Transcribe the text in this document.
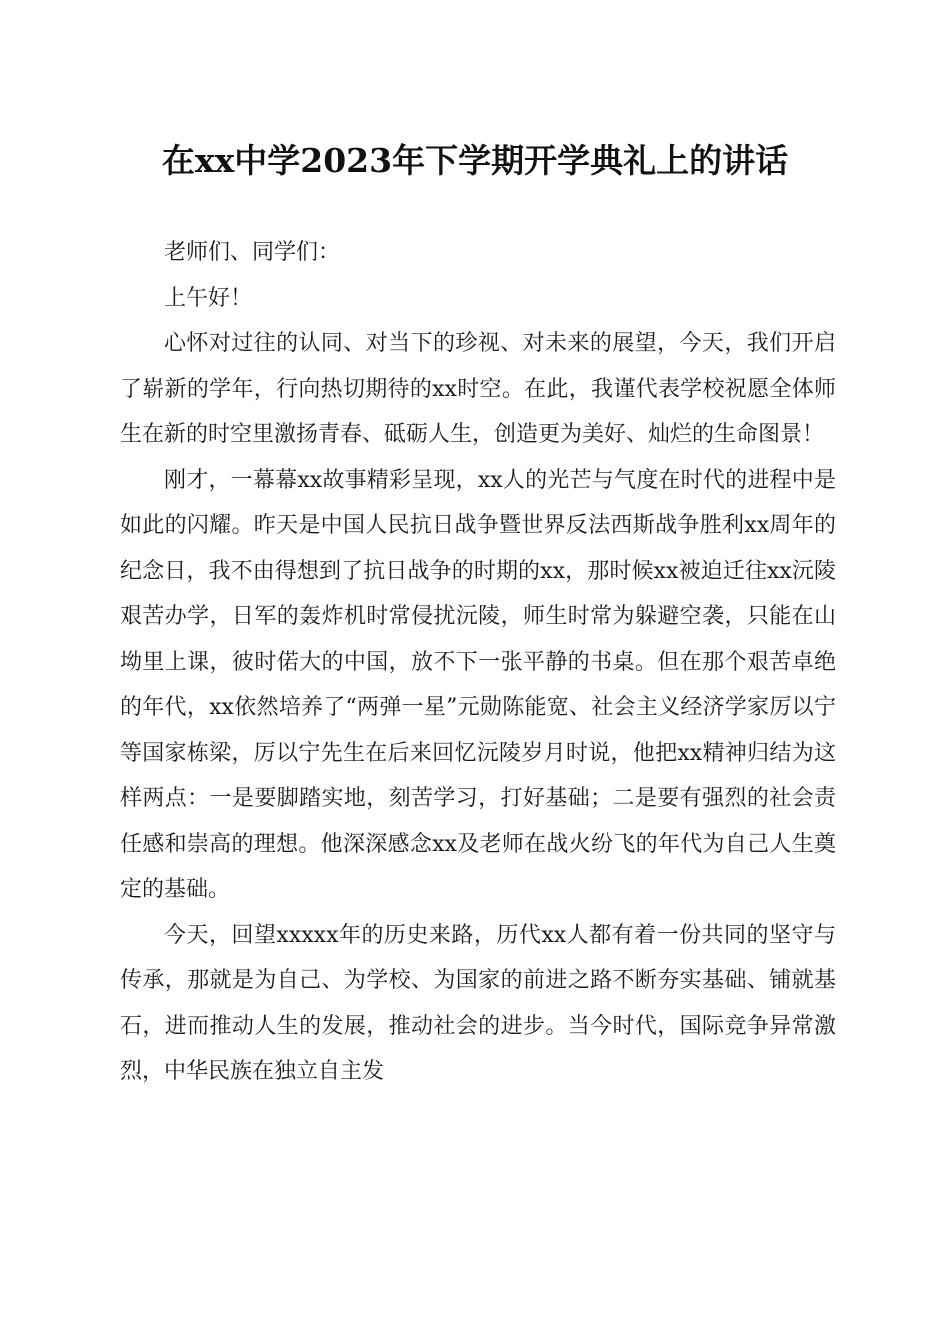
在xx中学2023年下学期开学典礼上的讲话

老师们、同学们：

上午好！

心怀对过往的认同、对当下的珍视、对未来的展望，今天，我们开启了崭新的学年，行向热切期待的xx时空。在此，我谨代表学校祝愿全体师生在新的时空里激扬青春、砥砺人生，创造更为美好、灿烂的生命图景！

刚才，一幕幕xx故事精彩呈现，xx人的光芒与气度在时代的进程中是如此的闪耀。昨天是中国人民抗日战争暨世界反法西斯战争胜利xx周年的纪念日，我不由得想到了抗日战争的时期的xx，那时候xx被迫迁往xx沅陵艰苦办学，日军的轰炸机时常侵扰沅陵，师生时常为躲避空袭，只能在山坳里上课，彼时偌大的中国，放不下一张平静的书桌。但在那个艰苦卓绝的年代，xx依然培养了“两弹一星”元勋陈能宽、社会主义经济学家厉以宁等国家栋梁，厉以宁先生在后来回忆沅陵岁月时说，他把xx精神归结为这样两点：一是要脚踏实地，刻苦学习，打好基础；二是要有强烈的社会责任感和崇高的理想。他深深感念xx及老师在战火纷飞的年代为自己人生奠定的基础。

今天，回望xxxxx年的历史来路，历代xx人都有着一份共同的坚守与传承，那就是为自己、为学校、为国家的前进之路不断夯实基础、铺就基石，进而推动人生的发展，推动社会的进步。当今时代，国际竞争异常激烈，中华民族在独立自主发
